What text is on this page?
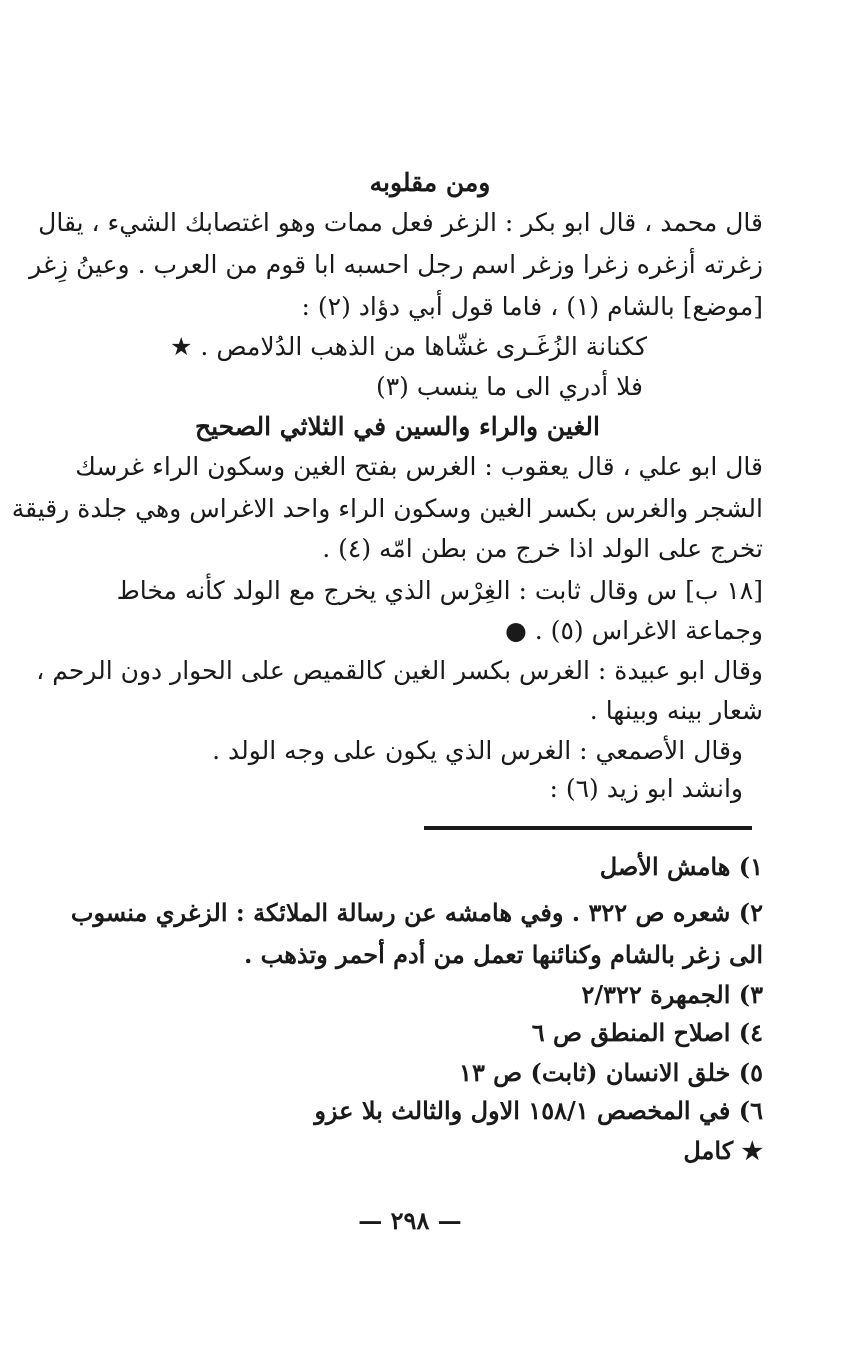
ومن مقلوبه
قال محمد ، قال ابو بكر : الزغر فعل ممات وهو اغتصابك الشيء ، يقال
زغرته أزغره زغرا وزغر اسم رجل احسبه ابا قوم من العرب . وعينُ زِغر
[موضع] بالشام (١) ، فاما قول أبي دؤاد (٢) :
ككنانة الزُغَـرى غشّاها من الذهب الدُلامص . ★
فلا أدري الى ما ينسب (٣)
الغين والراء والسين في الثلاثي الصحيح
قال ابو علي ، قال يعقوب : الغرس بفتح الغين وسكون الراء غرسك
الشجر والغرس بكسر الغين وسكون الراء واحد الاغراس وهي جلدة رقيقة
تخرج على الولد اذا خرج من بطن امّه (٤) .
[١٨ ب] س وقال ثابت : الغِرْس الذي يخرج مع الولد كأنه مخاط
وجماعة الاغراس (٥) . ●
وقال ابو عبيدة : الغرس بكسر الغين كالقميص على الحوار دون الرحم ،
شعار بينه وبينها .
وقال الأصمعي : الغرس الذي يكون على وجه الولد .
وانشد ابو زيد (٦) :
١) هامش الأصل
٢) شعره ص ٣٢٢ . وفي هامشه عن رسالة الملائكة : الزغري منسوب
الى زغر بالشام وكنائنها تعمل من أدم أحمر وتذهب .
٣) الجمهرة ٢/٣٢٢
٤) اصلاح المنطق ص ٦
٥) خلق الانسان (ثابت) ص ١٣
٦) في المخصص ١٥٨/١ الاول والثالث بلا عزو
★ كامل
— ٢٩٨ —
